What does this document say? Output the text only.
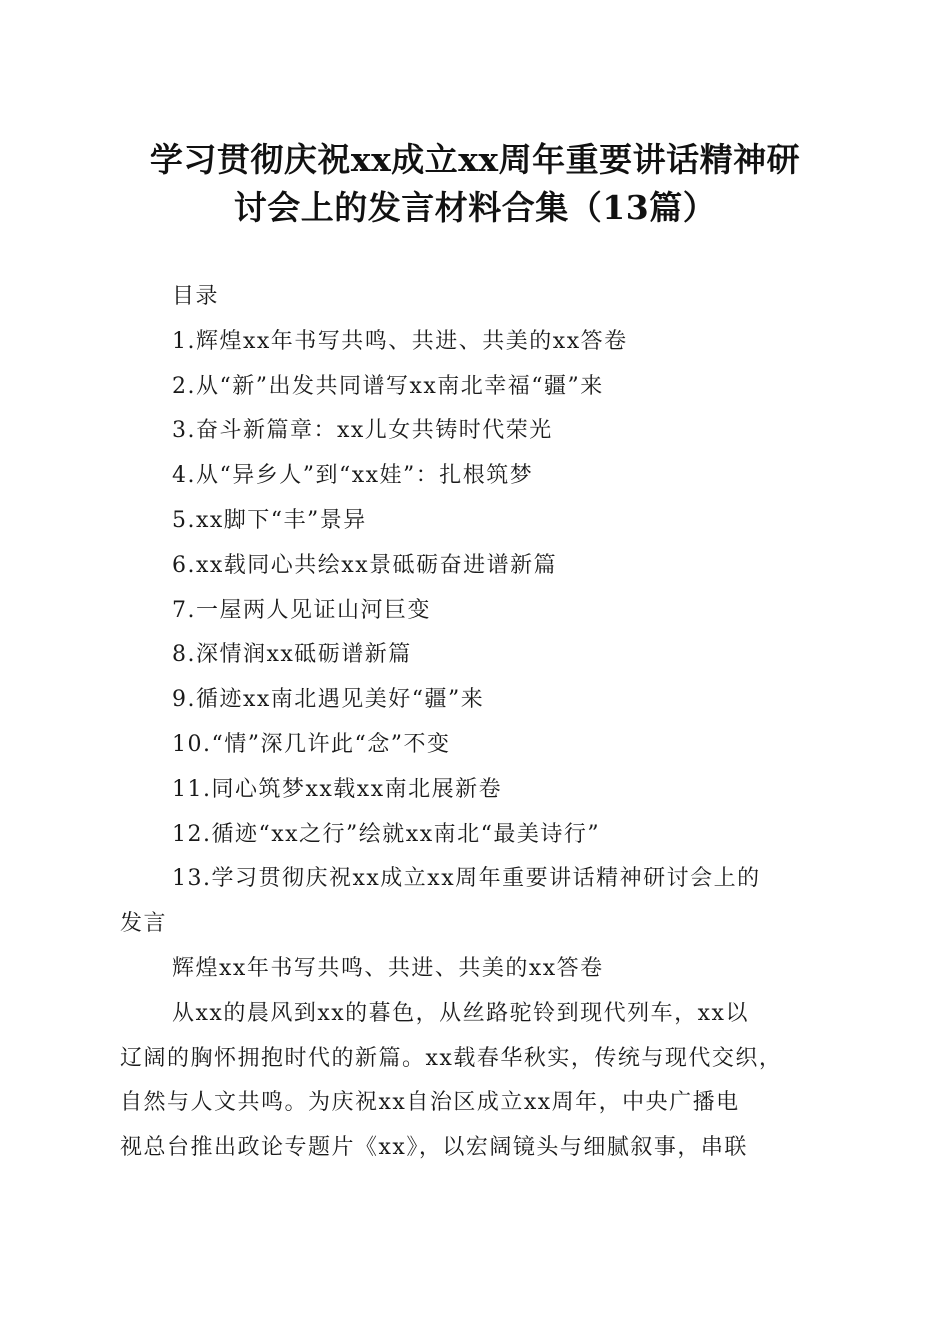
学习贯彻庆祝xx成立xx周年重要讲话精神研
讨会上的发言材料合集（13篇）

目录

1.辉煌xx年书写共鸣、共进、共美的xx答卷

2.从“新”出发共同谱写xx南北幸福“疆”来

3.奋斗新篇章：xx儿女共铸时代荣光

4.从“异乡人”到“xx娃”：扎根筑梦

5.xx脚下“丰”景异

6.xx载同心共绘xx景砥砺奋进谱新篇

7.一屋两人见证山河巨变

8.深情润xx砥砺谱新篇

9.循迹xx南北遇见美好“疆”来

10.“情”深几许此“念”不变

11.同心筑梦xx载xx南北展新卷

12.循迹“xx之行”绘就xx南北“最美诗行”

13.学习贯彻庆祝xx成立xx周年重要讲话精神研讨会上的

发言

辉煌xx年书写共鸣、共进、共美的xx答卷

从xx的晨风到xx的暮色，从丝路驼铃到现代列车，xx以

辽阔的胸怀拥抱时代的新篇。xx载春华秋实，传统与现代交织，

自然与人文共鸣。为庆祝xx自治区成立xx周年，中央广播电

视总台推出政论专题片《xx》，以宏阔镜头与细腻叙事，串联
